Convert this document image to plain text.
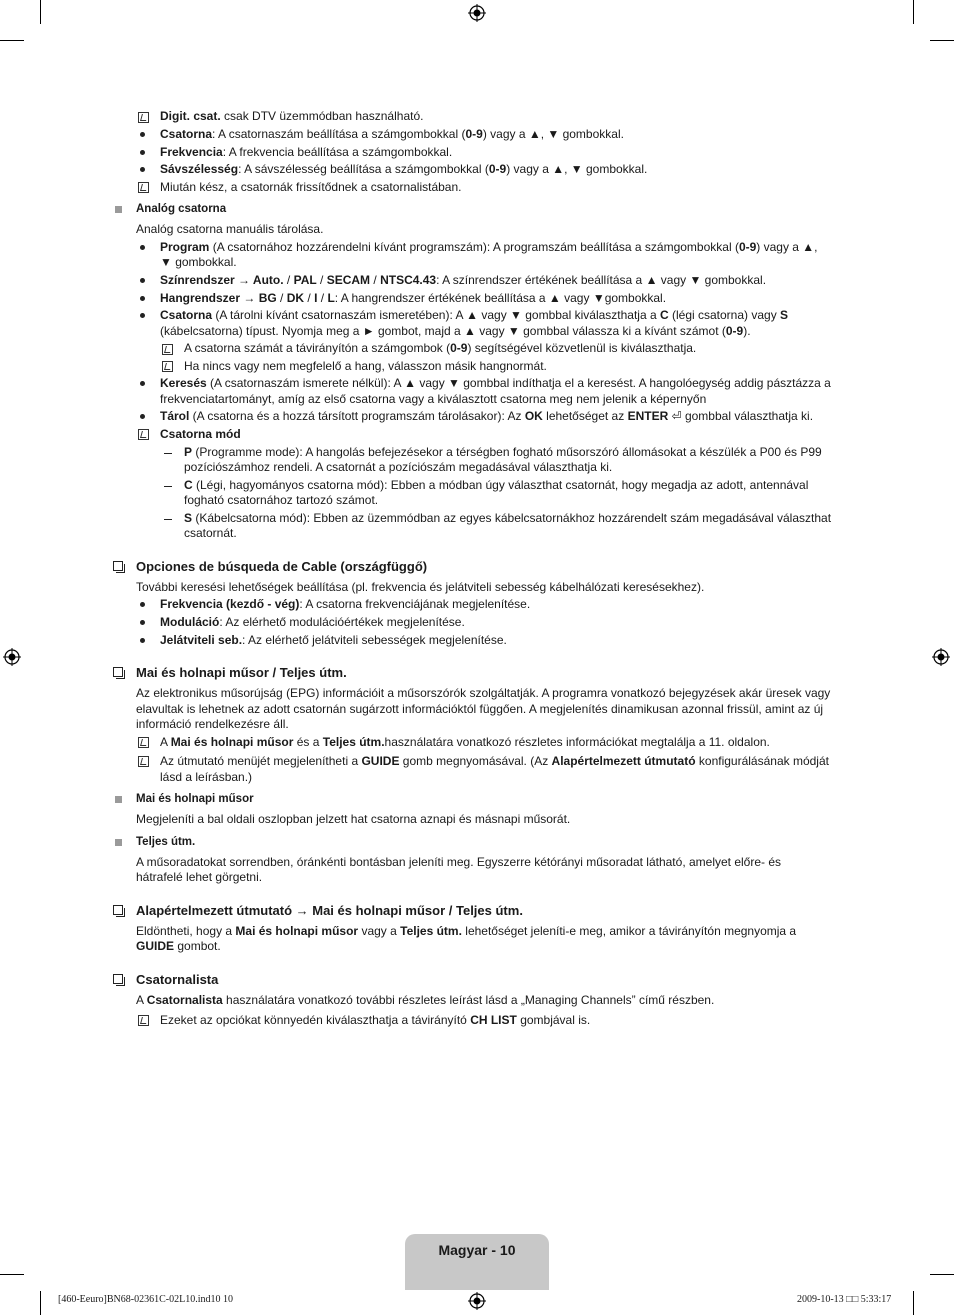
Digit. csat. csak DTV üzemmódban használható.
Csatorna: A csatornaszám beállítása a számgombokkal (0-9) vagy a ▲, ▼ gombokkal.
Frekvencia: A frekvencia beállítása a számgombokkal.
Sávszélesség: A sávszélesség beállítása a számgombokkal (0-9) vagy a ▲, ▼ gombokkal.
Miután kész, a csatornák frissítődnek a csatornalistában.
Analóg csatorna
Analóg csatorna manuális tárolása.
Program (A csatornához hozzárendelni kívánt programszám): A programszám beállítása a számgombokkal (0-9) vagy a ▲,
▼ gombokkal.
Színrendszer → Auto. / PAL / SECAM / NTSC4.43: A színrendszer értékének beállítása a ▲ vagy ▼ gombokkal.
Hangrendszer → BG / DK / I / L: A hangrendszer értékének beállítása a ▲ vagy ▼gombokkal.
Csatorna (A tárolni kívánt csatornaszám ismeretében): A ▲ vagy ▼ gombbal kiválaszthatja a C (légi csatorna) vagy S
(kábelcsatorna) típust. Nyomja meg a ► gombot, majd a ▲ vagy ▼ gombbal válassza ki a kívánt számot (0-9).
A csatorna számát a távirányítón a számgombok (0-9) segítségével közvetlenül is kiválaszthatja.
Ha nincs vagy nem megfelelő a hang, válasszon másik hangnormát.
Keresés (A csatornaszám ismerete nélkül): A ▲ vagy ▼ gombbal indíthatja el a keresést. A hangolóegység addig pásztázza a
frekvenciatartományt, amíg az első csatorna vagy a kiválasztott csatorna meg nem jelenik a képernyőn
Tárol (A csatorna és a hozzá társított programszám tárolásakor): Az OK lehetőséget az ENTER ⏎ gombbal választhatja ki.
Csatorna mód
P (Programme mode): A hangolás befejezésekor a térségben fogható műsorszóró állomásokat a készülék a P00 és P99
pozíciószámhoz rendeli. A csatornát a pozíciószám megadásával választhatja ki.
C (Légi, hagyományos csatorna mód): Ebben a módban úgy választhat csatornát, hogy megadja az adott, antennával
fogható csatornához tartozó számot.
S (Kábelcsatorna mód): Ebben az üzemmódban az egyes kábelcsatornákhoz hozzárendelt szám megadásával választhat
csatornát.
Opciones de búsqueda de Cable (országfüggő)
További keresési lehetőségek beállítása (pl. frekvencia és jelátviteli sebesség kábelhálózati keresésekhez).
Frekvencia (kezdő - vég): A csatorna frekvenciájának megjelenítése.
Moduláció: Az elérhető modulációértékek megjelenítése.
Jelátviteli seb.: Az elérhető jelátviteli sebességek megjelenítése.
Mai és holnapi műsor / Teljes útm.
Az elektronikus műsorújság (EPG) információit a műsorszórók szolgáltatják. A programra vonatkozó bejegyzések akár üresek vagy
elavultak is lehetnek az adott csatornán sugárzott információktól függően. A megjelenítés dinamikusan azonnal frissül, amint az új
információ rendelkezésre áll.
A Mai és holnapi műsor és a Teljes útm.használatára vonatkozó részletes információkat megtalálja a 11. oldalon.
Az útmutató menüjét megjelenítheti a GUIDE gomb megnyomásával. (Az Alapértelmezett útmutató konfigurálásának módját
lásd a leírásban.)
Mai és holnapi műsor
Megjeleníti a bal oldali oszlopban jelzett hat csatorna aznapi és másnapi műsorát.
Teljes útm.
A műsoradatokat sorrendben, óránkénti bontásban jeleníti meg. Egyszerre kétórányi műsoradat látható, amelyet előre- és
hátrafelé lehet görgetni.
Alapértelmezett útmutató → Mai és holnapi műsor / Teljes útm.
Eldöntheti, hogy a Mai és holnapi műsor vagy a Teljes útm. lehetőséget jeleníti-e meg, amikor a távirányítón megnyomja a
GUIDE gombot.
Csatornalista
A Csatornalista használatára vonatkozó további részletes leírást lásd a „Managing Channels” című részben.
Ezeket az opciókat könnyedén kiválaszthatja a távirányító CH LIST gombjával is.
Magyar - 10
[460-Eeuro]BN68-02361C-02L10.ind10 10	2009-10-13 □□ 5:33:17
